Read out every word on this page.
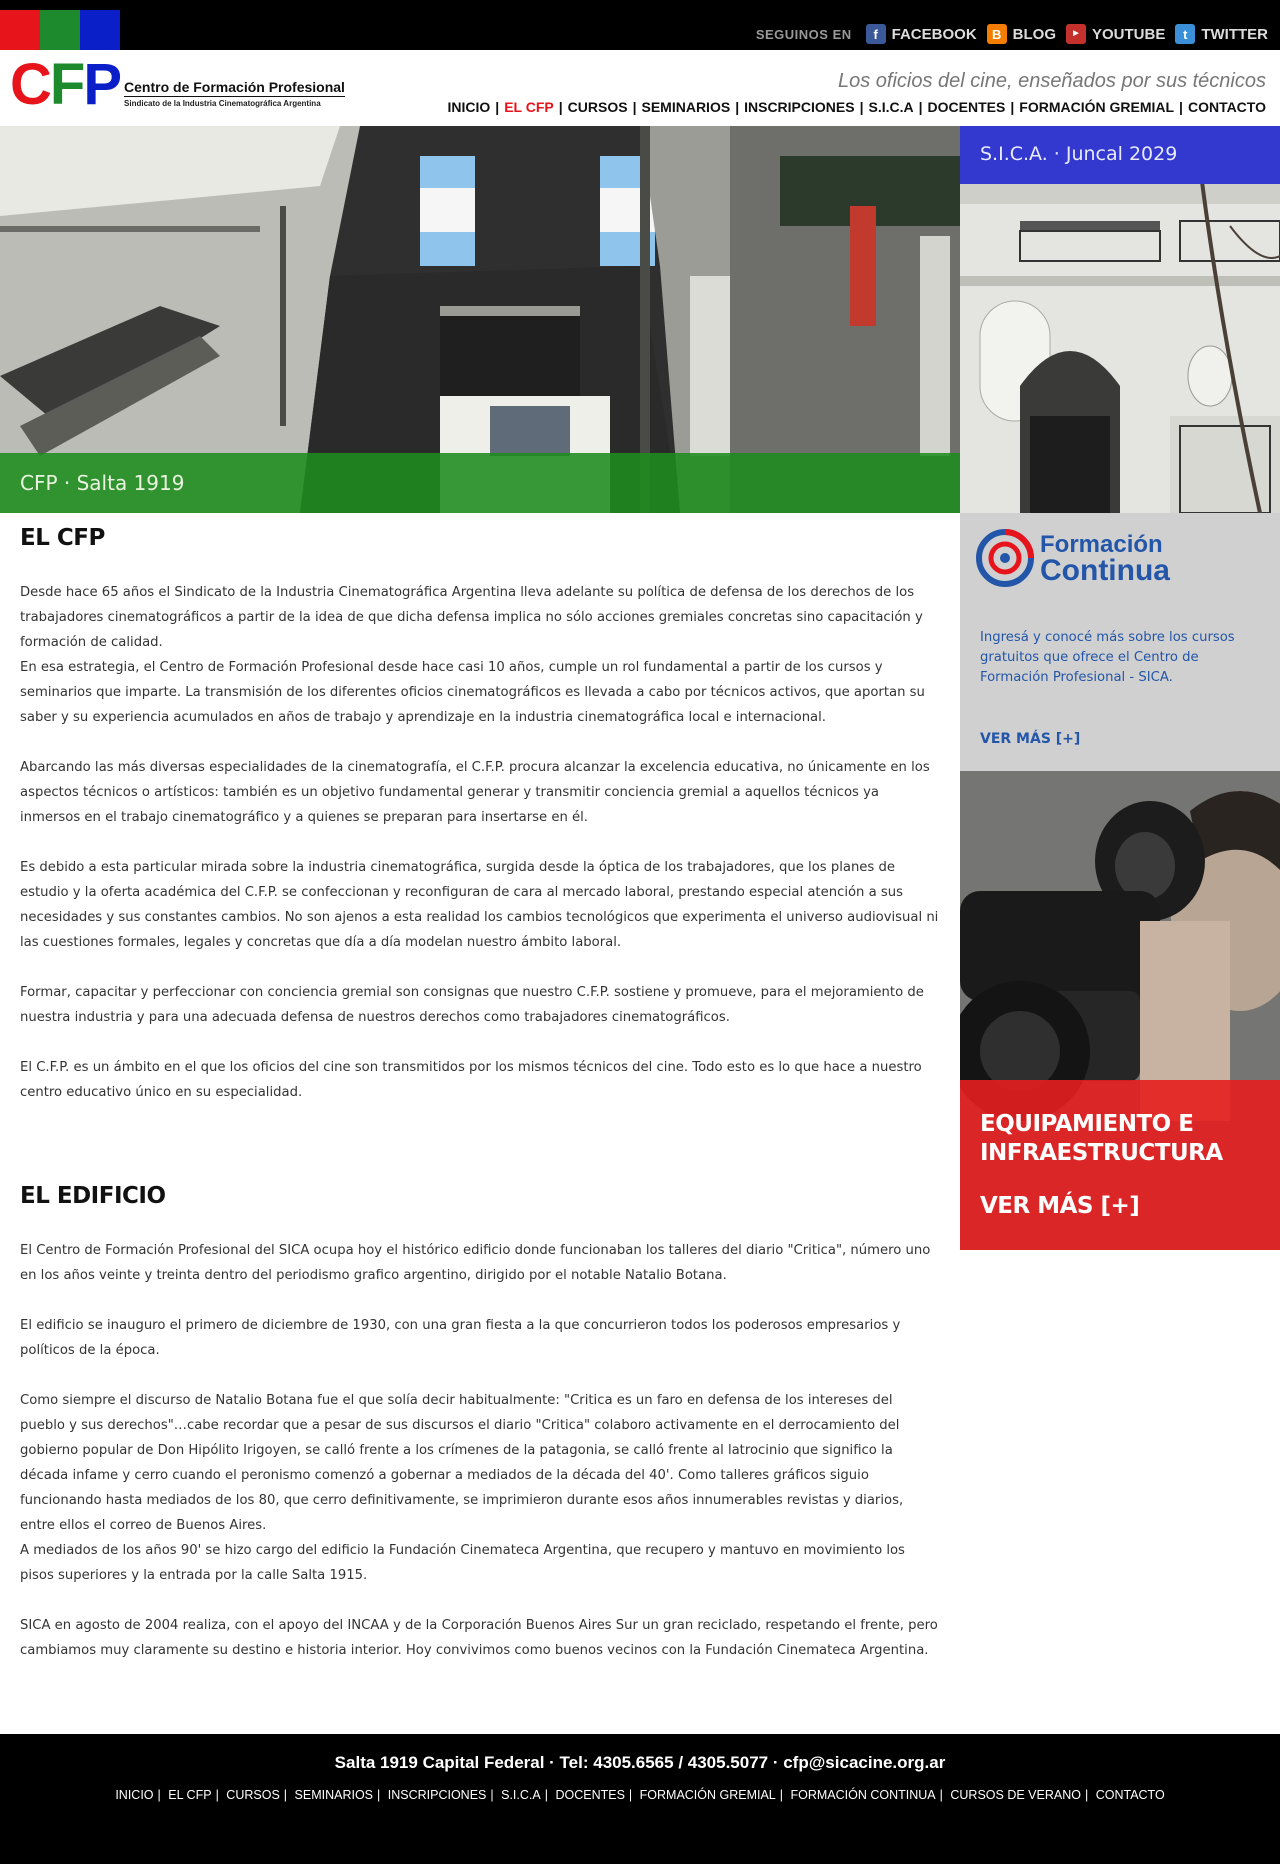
SEGUINOS EN	f FACEBOOK	B BLOG	▶ YOUTUBE	t TWITTER
CFP Centro de Formación Profesional
Sindicato de la Industria Cinematográfica Argentina
Los oficios del cine, enseñados por sus técnicos
INICIO | EL CFP | CURSOS | SEMINARIOS | INSCRIPCIONES | S.I.C.A | DOCENTES | FORMACIÓN GREMIAL | CONTACTO
CFP · Salta 1919
S.I.C.A. · Juncal 2029
EL CFP

Desde hace 65 años el Sindicato de la Industria Cinematográfica Argentina lleva adelante su política de defensa de los derechos de los trabajadores cinematográficos a partir de la idea de que dicha defensa implica no sólo acciones gremiales concretas sino capacitación y formación de calidad.

En esa estrategia, el Centro de Formación Profesional desde hace casi 10 años, cumple un rol fundamental a partir de los cursos y seminarios que imparte. La transmisión de los diferentes oficios cinematográficos es llevada a cabo por técnicos activos, que aportan su saber y su experiencia acumulados en años de trabajo y aprendizaje en la industria cinematográfica local e internacional.

Abarcando las más diversas especialidades de la cinematografía, el C.F.P. procura alcanzar la excelencia educativa, no únicamente en los aspectos técnicos o artísticos: también es un objetivo fundamental generar y transmitir conciencia gremial a aquellos técnicos ya inmersos en el trabajo cinematográfico y a quienes se preparan para insertarse en él.

Es debido a esta particular mirada sobre la industria cinematográfica, surgida desde la óptica de los trabajadores, que los planes de estudio y la oferta académica del C.F.P. se confeccionan y reconfiguran de cara al mercado laboral, prestando especial atención a sus necesidades y sus constantes cambios. No son ajenos a esta realidad los cambios tecnológicos que experimenta el universo audiovisual ni las cuestiones formales, legales y concretas que día a día modelan nuestro ámbito laboral.

Formar, capacitar y perfeccionar con conciencia gremial son consignas que nuestro C.F.P. sostiene y promueve, para el mejoramiento de nuestra industria y para una adecuada defensa de nuestros derechos como trabajadores cinematográficos.

El C.F.P. es un ámbito en el que los oficios del cine son transmitidos por los mismos técnicos del cine. Todo esto es lo que hace a nuestro centro educativo único en su especialidad.

EL EDIFICIO

El Centro de Formación Profesional del SICA ocupa hoy el histórico edificio donde funcionaban los talleres del diario "Critica", número uno en los años veinte y treinta dentro del periodismo grafico argentino, dirigido por el notable Natalio Botana.

El edificio se inauguro el primero de diciembre de 1930, con una gran fiesta a la que concurrieron todos los poderosos empresarios y políticos de la época.

Como siempre el discurso de Natalio Botana fue el que solía decir habitualmente: "Critica es un faro en defensa de los intereses del pueblo y sus derechos"…cabe recordar que a pesar de sus discursos el diario "Critica" colaboro activamente en el derrocamiento del gobierno popular de Don Hipólito Irigoyen, se calló frente a los crímenes de la patagonia, se calló frente al latrocinio que significo la década infame y cerro cuando el peronismo comenzó a gobernar a mediados de la década del 40'. Como talleres gráficos siguio funcionando hasta mediados de los 80, que cerro definitivamente, se imprimieron durante esos años innumerables revistas y diarios, entre ellos el correo de Buenos Aires.

A mediados de los años 90' se hizo cargo del edificio la Fundación Cinemateca Argentina, que recupero y mantuvo en movimiento los pisos superiores y la entrada por la calle Salta 1915.

SICA en agosto de 2004 realiza, con el apoyo del INCAA y de la Corporación Buenos Aires Sur un gran reciclado, respetando el frente, pero cambiamos muy claramente su destino e historia interior. Hoy convivimos como buenos vecinos con la Fundación Cinemateca Argentina.

Formación
Continua
Ingresá y conocé más sobre los cursos gratuitos que ofrece el Centro de Formación Profesional - SICA.
VER MÁS [+]
EQUIPAMIENTO E INFRAESTRUCTURA
VER MÁS [+]
Salta 1919 Capital Federal · Tel: 4305.6565 / 4305.5077 · cfp@sicacine.org.ar
INICIO | EL CFP | CURSOS | SEMINARIOS | INSCRIPCIONES | S.I.C.A | DOCENTES | FORMACIÓN GREMIAL | FORMACIÓN CONTINUA | CURSOS DE VERANO | CONTACTO
